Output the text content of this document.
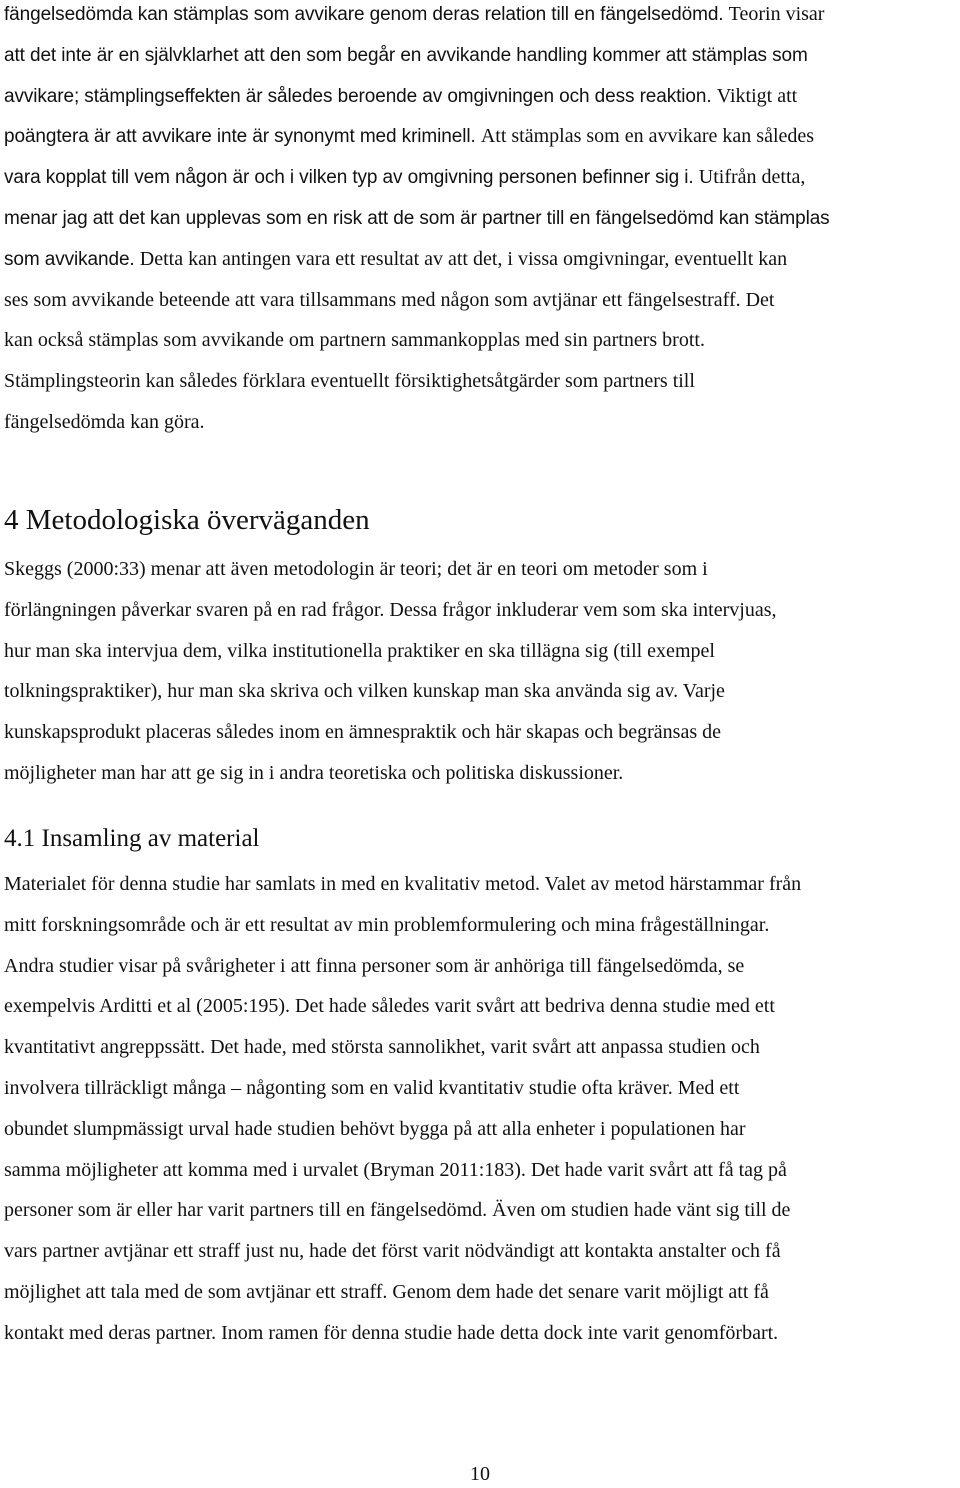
fängelsedömda kan stämplas som avvikare genom deras relation till en fängelsedömd. Teorin visar
att det inte är en självklarhet att den som begår en avvikande handling kommer att stämplas som
avvikare; stämplingseffekten är således beroende av omgivningen och dess reaktion. Viktigt att
poängtera är att avvikare inte är synonymt med kriminell. Att stämplas som en avvikare kan således
vara kopplat till vem någon är och i vilken typ av omgivning personen befinner sig i. Utifrån detta,
menar jag att det kan upplevas som en risk att de som är partner till en fängelsedömd kan stämplas
som avvikande. Detta kan antingen vara ett resultat av att det, i vissa omgivningar, eventuellt kan
ses som avvikande beteende att vara tillsammans med någon som avtjänar ett fängelsestraff. Det
kan också stämplas som avvikande om partnern sammankopplas med sin partners brott.
Stämplingsteorin kan således förklara eventuellt försiktighetsåtgärder som partners till
fängelsedömda kan göra.
4 Metodologiska överväganden
Skeggs (2000:33) menar att även metodologin är teori; det är en teori om metoder som i
förlängningen påverkar svaren på en rad frågor. Dessa frågor inkluderar vem som ska intervjuas,
hur man ska intervjua dem, vilka institutionella praktiker en ska tillägna sig (till exempel
tolkningspraktiker), hur man ska skriva och vilken kunskap man ska använda sig av. Varje
kunskapsprodukt placeras således inom en ämnespraktik och här skapas och begränsas de
möjligheter man har att ge sig in i andra teoretiska och politiska diskussioner.
4.1 Insamling av material
Materialet för denna studie har samlats in med en kvalitativ metod. Valet av metod härstammar från
mitt forskningsområde och är ett resultat av min problemformulering och mina frågeställningar.
Andra studier visar på svårigheter i att finna personer som är anhöriga till fängelsedömda, se
exempelvis Arditti et al (2005:195). Det hade således varit svårt att bedriva denna studie med ett
kvantitativt angreppssätt. Det hade, med största sannolikhet, varit svårt att anpassa studien och
involvera tillräckligt många – någonting som en valid kvantitativ studie ofta kräver. Med ett
obundet slumpmässigt urval hade studien behövt bygga på att alla enheter i populationen har
samma möjligheter att komma med i urvalet (Bryman 2011:183). Det hade varit svårt att få tag på
personer som är eller har varit partners till en fängelsedömd. Även om studien hade vänt sig till de
vars partner avtjänar ett straff just nu, hade det först varit nödvändigt att kontakta anstalter och få
möjlighet att tala med de som avtjänar ett straff. Genom dem hade det senare varit möjligt att få
kontakt med deras partner. Inom ramen för denna studie hade detta dock inte varit genomförbart.

10
